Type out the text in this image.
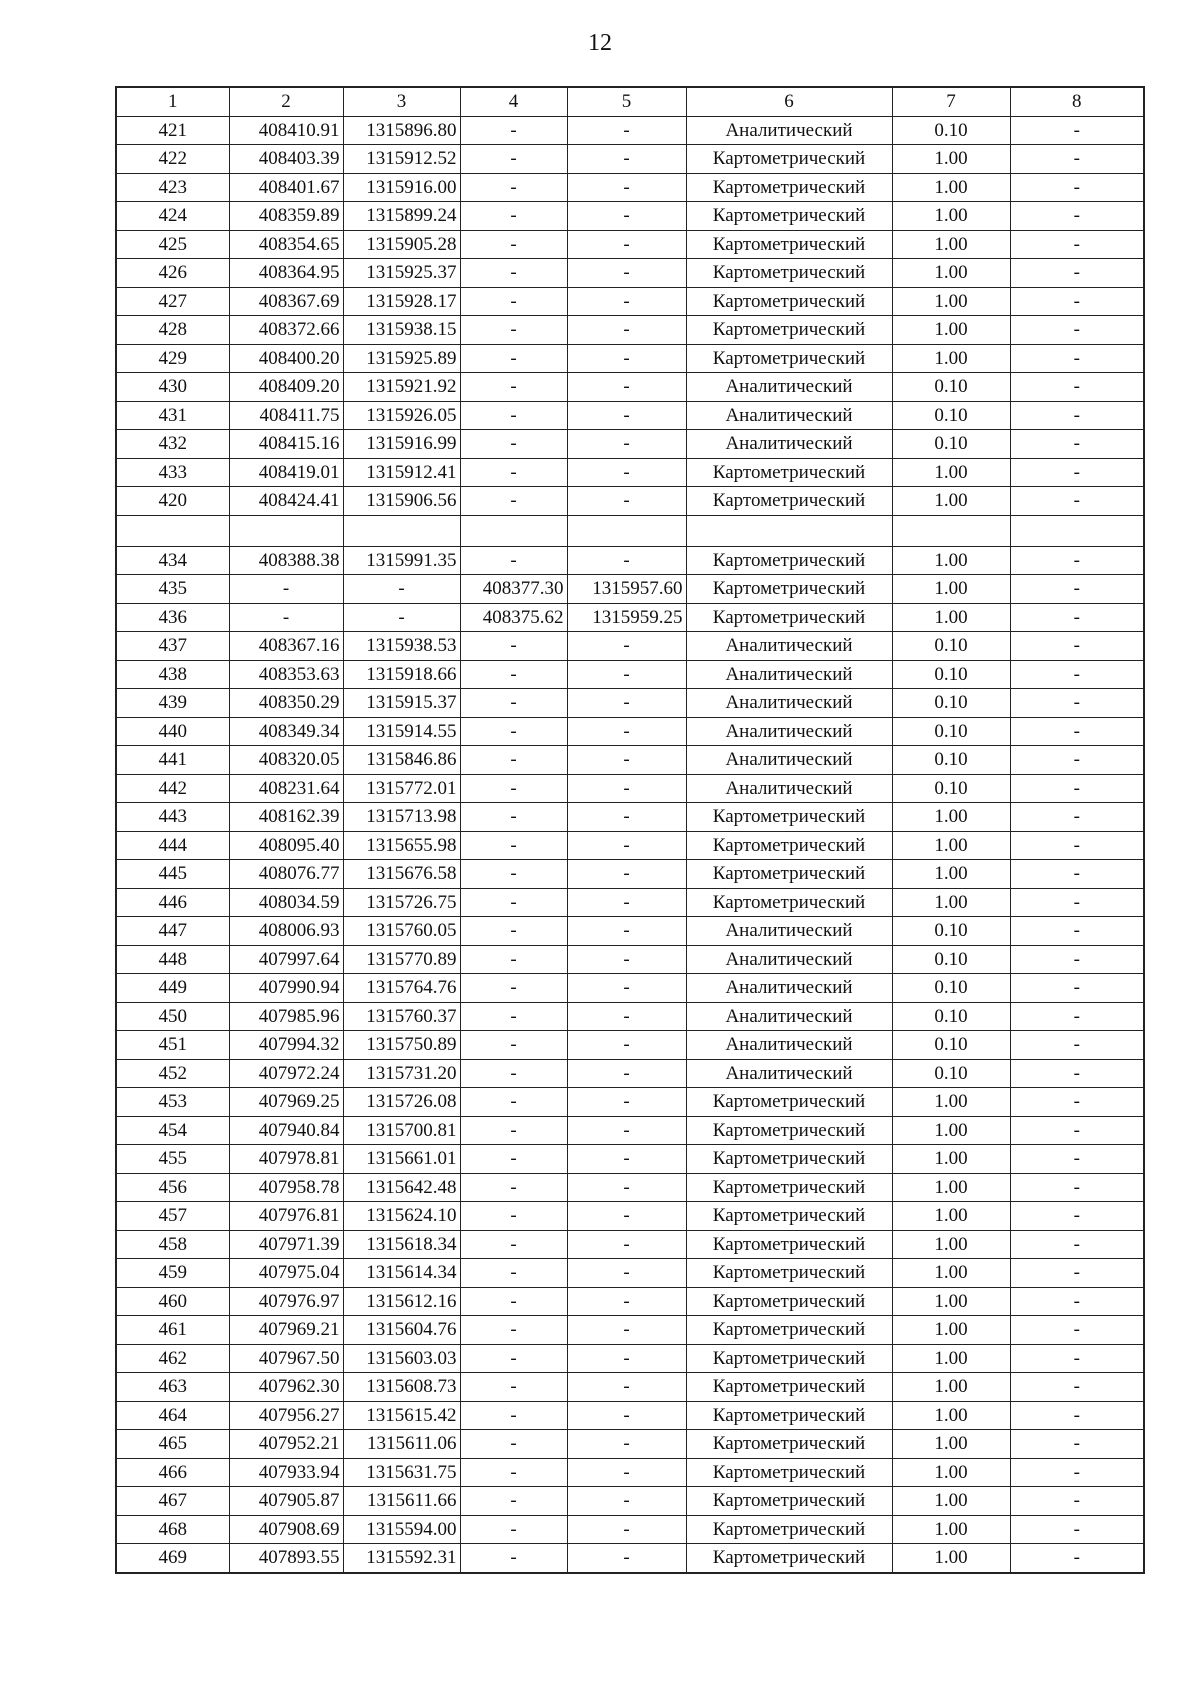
12
1	2	3	4	5	6	7	8
421	408410.91	1315896.80	-	-	Аналитический	0.10	-
422	408403.39	1315912.52	-	-	Картометрический	1.00	-
423	408401.67	1315916.00	-	-	Картометрический	1.00	-
424	408359.89	1315899.24	-	-	Картометрический	1.00	-
425	408354.65	1315905.28	-	-	Картометрический	1.00	-
426	408364.95	1315925.37	-	-	Картометрический	1.00	-
427	408367.69	1315928.17	-	-	Картометрический	1.00	-
428	408372.66	1315938.15	-	-	Картометрический	1.00	-
429	408400.20	1315925.89	-	-	Картометрический	1.00	-
430	408409.20	1315921.92	-	-	Аналитический	0.10	-
431	408411.75	1315926.05	-	-	Аналитический	0.10	-
432	408415.16	1315916.99	-	-	Аналитический	0.10	-
433	408419.01	1315912.41	-	-	Картометрический	1.00	-
420	408424.41	1315906.56	-	-	Картометрический	1.00	-

434	408388.38	1315991.35	-	-	Картометрический	1.00	-
435	-	-	408377.30	1315957.60	Картометрический	1.00	-
436	-	-	408375.62	1315959.25	Картометрический	1.00	-
437	408367.16	1315938.53	-	-	Аналитический	0.10	-
438	408353.63	1315918.66	-	-	Аналитический	0.10	-
439	408350.29	1315915.37	-	-	Аналитический	0.10	-
440	408349.34	1315914.55	-	-	Аналитический	0.10	-
441	408320.05	1315846.86	-	-	Аналитический	0.10	-
442	408231.64	1315772.01	-	-	Аналитический	0.10	-
443	408162.39	1315713.98	-	-	Картометрический	1.00	-
444	408095.40	1315655.98	-	-	Картометрический	1.00	-
445	408076.77	1315676.58	-	-	Картометрический	1.00	-
446	408034.59	1315726.75	-	-	Картометрический	1.00	-
447	408006.93	1315760.05	-	-	Аналитический	0.10	-
448	407997.64	1315770.89	-	-	Аналитический	0.10	-
449	407990.94	1315764.76	-	-	Аналитический	0.10	-
450	407985.96	1315760.37	-	-	Аналитический	0.10	-
451	407994.32	1315750.89	-	-	Аналитический	0.10	-
452	407972.24	1315731.20	-	-	Аналитический	0.10	-
453	407969.25	1315726.08	-	-	Картометрический	1.00	-
454	407940.84	1315700.81	-	-	Картометрический	1.00	-
455	407978.81	1315661.01	-	-	Картометрический	1.00	-
456	407958.78	1315642.48	-	-	Картометрический	1.00	-
457	407976.81	1315624.10	-	-	Картометрический	1.00	-
458	407971.39	1315618.34	-	-	Картометрический	1.00	-
459	407975.04	1315614.34	-	-	Картометрический	1.00	-
460	407976.97	1315612.16	-	-	Картометрический	1.00	-
461	407969.21	1315604.76	-	-	Картометрический	1.00	-
462	407967.50	1315603.03	-	-	Картометрический	1.00	-
463	407962.30	1315608.73	-	-	Картометрический	1.00	-
464	407956.27	1315615.42	-	-	Картометрический	1.00	-
465	407952.21	1315611.06	-	-	Картометрический	1.00	-
466	407933.94	1315631.75	-	-	Картометрический	1.00	-
467	407905.87	1315611.66	-	-	Картометрический	1.00	-
468	407908.69	1315594.00	-	-	Картометрический	1.00	-
469	407893.55	1315592.31	-	-	Картометрический	1.00	-
